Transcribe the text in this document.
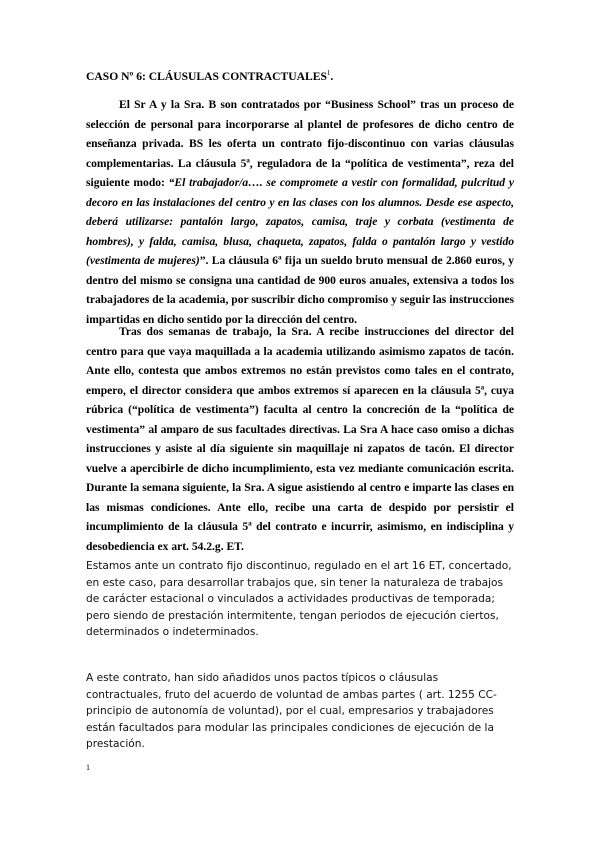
CASO Nº 6: CLÁUSULAS CONTRACTUALES$^1$.
El Sr A y la Sra. B son contratados por “Business School” tras un proceso de selección de personal para incorporarse al plantel de profesores de dicho centro de enseñanza privada. BS les oferta un contrato fijo-discontinuo con varias cláusulas complementarias. La cláusula 5ª, reguladora de la “política de vestimenta”, reza del siguiente modo: “El trabajador/a…. se compromete a vestir con formalidad, pulcritud y decoro en las instalaciones del centro y en las clases con los alumnos. Desde ese aspecto, deberá utilizarse: pantalón largo, zapatos, camisa, traje y corbata (vestimenta de hombres), y falda, camisa, blusa, chaqueta, zapatos, falda o pantalón largo y vestido (vestimenta de mujeres)”. La cláusula 6ª fija un sueldo bruto mensual de 2.860 euros, y dentro del mismo se consigna una cantidad de 900 euros anuales, extensiva a todos los trabajadores de la academia, por suscribir dicho compromiso y seguir las instrucciones impartidas en dicho sentido por la dirección del centro.
Tras dos semanas de trabajo, la Sra. A recibe instrucciones del director del centro para que vaya maquillada a la academia utilizando asimismo zapatos de tacón. Ante ello, contesta que ambos extremos no están previstos como tales en el contrato, empero, el director considera que ambos extremos sí aparecen en la cláusula 5ª, cuya rúbrica (“política de vestimenta”) faculta al centro la concreción de la “política de vestimenta” al amparo de sus facultades directivas. La Sra A hace caso omiso a dichas instrucciones y asiste al día siguiente sin maquillaje ni zapatos de tacón. El director vuelve a apercibirle de dicho incumplimiento, esta vez mediante comunicación escrita. Durante la semana siguiente, la Sra. A sigue asistiendo al centro e imparte las clases en las mismas condiciones. Ante ello, recibe una carta de despido por persistir el incumplimiento de la cláusula 5ª del contrato e incurrir, asimismo, en indisciplina y desobediencia ex art. 54.2.g. ET.
Estamos ante un contrato fijo discontinuo, regulado en el art 16 ET, concertado, en este caso, para desarrollar trabajos que, sin tener la naturaleza de trabajos de carácter estacional o vinculados a actividades productivas de temporada; pero siendo de prestación intermitente, tengan periodos de ejecución ciertos, determinados o indeterminados.
A este contrato, han sido añadidos unos pactos típicos o cláusulas contractuales, fruto del acuerdo de voluntad de ambas partes ( art. 1255 CC- principio de autonomía de voluntad), por el cual, empresarios y trabajadores están facultados para modular las principales condiciones de ejecución de la prestación.
1
